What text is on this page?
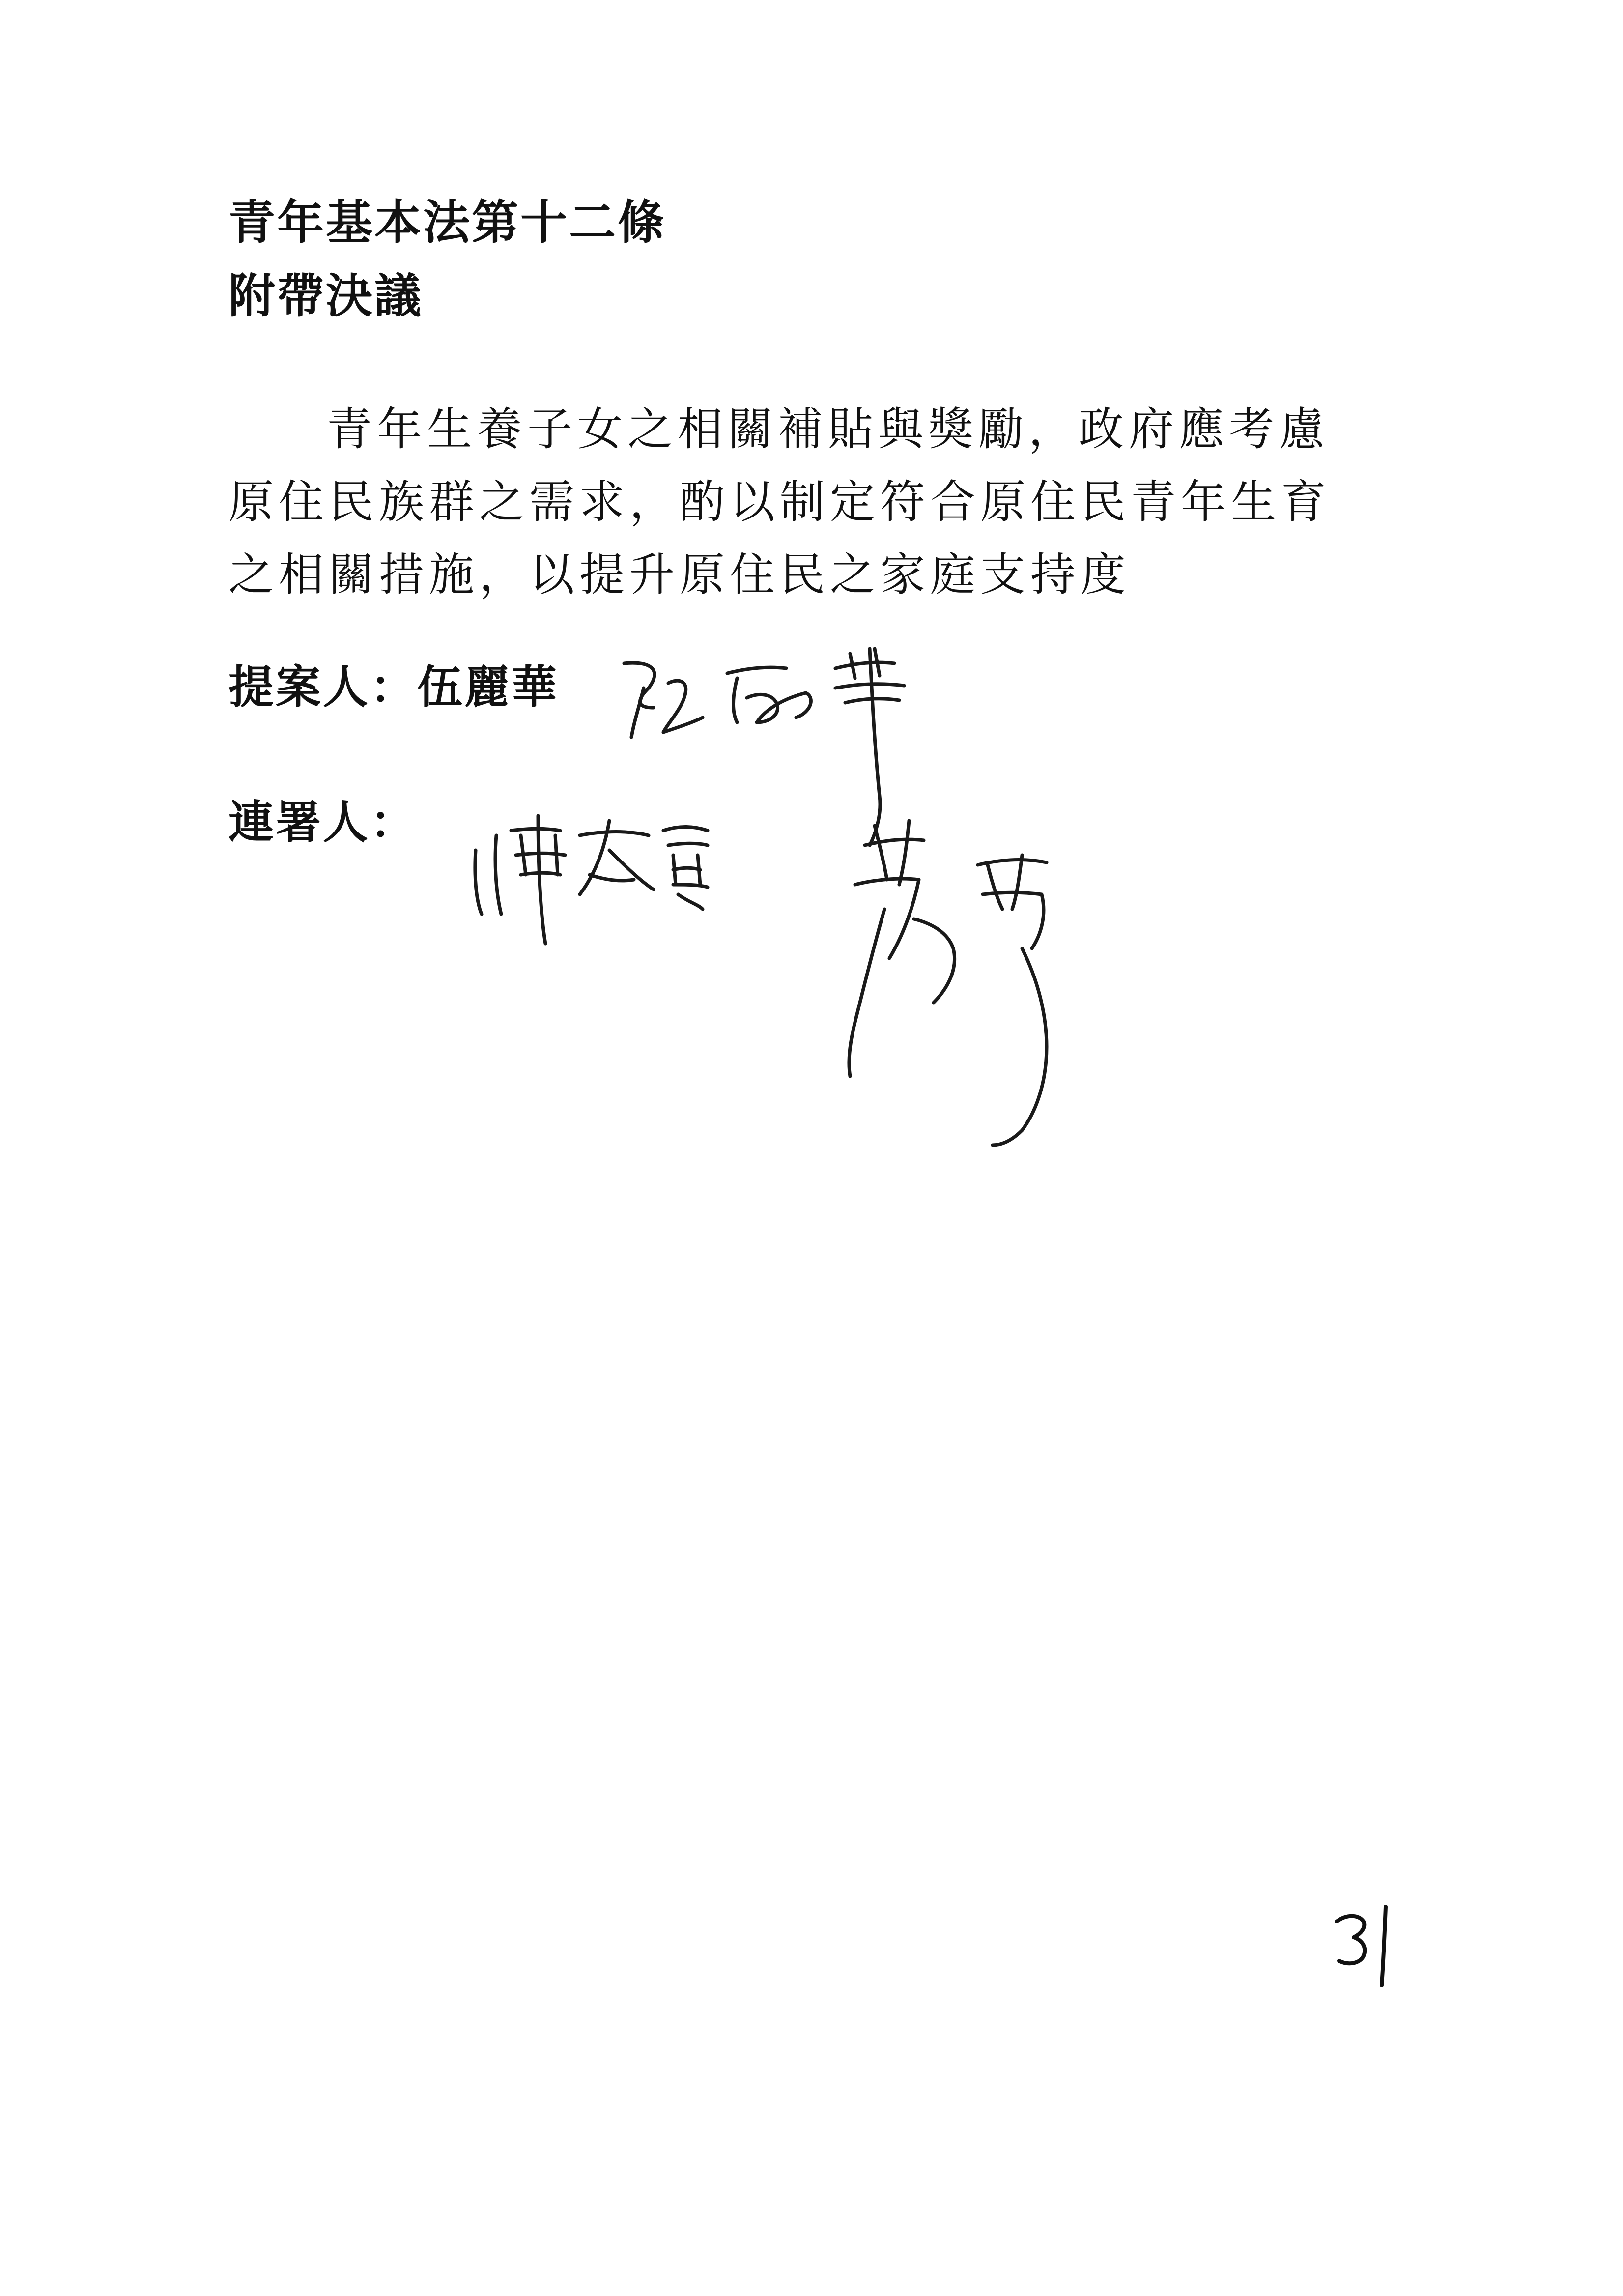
青年基本法第十二條
附帶決議
青年生養子女之相關補貼與獎勵，政府應考慮原住民族群之需求，酌以制定符合原住民青年生育之相關措施，以提升原住民之家庭支持度
提案人：伍麗華
連署人：
